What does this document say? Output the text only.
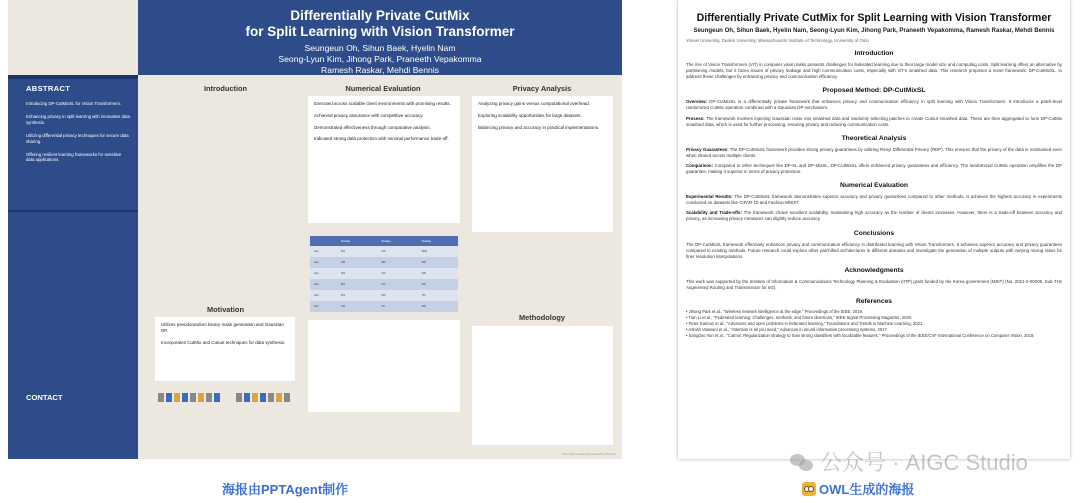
Differentially Private CutMix
for Split Learning with Vision Transformer
Seungeun Oh, Sihun Baek, Hyelin Nam
Seong-Lyun Kim, Jihong Park, Praneeth Vepakomma
Ramesh Raskar, Mehdi Bennis
ABSTRACT
Introducing DP-CutMixSL for Vision Transformers.
Enhancing privacy in split learning with innovative data synthesis.
Utilizing differential privacy techniques for secure data sharing.
Offering resilient learning frameworks for sensitive data applications.
CONTACT
Introduction	Numerical Evaluation	Privacy Analysis
Motivation
Methodology

Executed across scalable client environments with promising results.

Achieved privacy assurance with competitive accuracy.

Demonstrated effectiveness through comparative analysis.

Indicated strong data protection with minimal performance trade-off.

Analyzing privacy gains versus computational overhead.

Exploring scalability opportunities for large datasets.

Balancing privacy and accuracy in practical implementations.

	Heading	Heading	Heading
Item	842	745	4823
Item	348	488	295
Item	209	740	299
Item	654	473	425
Item	519	329	767
Item	745	737	348

Utilizes pseudorandom binary mask generation and Gaussian DP.

Incorporates CutMix and Cutout techniques for data synthesis.

This poster template was prepared by PPTAgent
Differentially Private CutMix for Split Learning with Vision Transformer
Seungeun Oh, Sihun Baek, Hyelin Nam, Seong-Lyun Kim, Jihong Park, Praneeth Vepakomma, Ramesh Raskar, Mehdi Bennis
Yonsei University, Deakin University, Massachusetts Institute of Technology, University of Oulu
Introduction
The rise of Vision Transformers (ViT) in computer vision tasks presents challenges for federated learning due to their large model size and computing costs. Split learning offers an alternative by partitioning models, but it faces issues of privacy leakage and high communication costs, especially with ViT's smashed data. This research proposes a novel framework, DP-CutMixSL, to address these challenges by enhancing privacy and communication efficiency.
Proposed Method: DP-CutMixSL
Overview: DP-CutMixSL is a differentially private framework that enhances privacy and communication efficiency in split learning with Vision Transformers. It introduces a patch-level randomized CutMix operation combined with a Gaussian DP mechanism.
Process: The framework involves injecting Gaussian noise into smashed data and randomly selecting patches to create Cutout smashed data. These are then aggregated to form DP-CutMix smashed data, which is used for further processing, ensuring privacy and reducing communication costs.
Theoretical Analysis
Privacy Guarantees: The DP-CutMixSL framework provides strong privacy guarantees by utilizing Rényi Differential Privacy (RDP). This ensures that the privacy of the data is maintained even when shared across multiple clients.
Comparison: Compared to other techniques like DP-SL and DP-MixSL, DP-CutMixSL offers enhanced privacy guarantees and efficiency. The randomized CutMix operation amplifies the DP guarantee, making it superior in terms of privacy protection.
Numerical Evaluation
Experimental Results: The DP-CutMixSL framework demonstrates superior accuracy and privacy guarantees compared to other methods. It achieves the highest accuracy in experiments conducted on datasets like CIFAR-10 and Fashion-MNIST.
Scalability and Trade-offs: The framework shows excellent scalability, maintaining high accuracy as the number of clients increases. However, there is a trade-off between accuracy and privacy, as increasing privacy measures can slightly reduce accuracy.
Conclusions
The DP-CutMixSL framework effectively enhances privacy and communication efficiency in distributed learning with Vision Transformers. It achieves superior accuracy and privacy guarantees compared to existing methods. Future research could explore other patchified architectures in different domains and investigate the generation of multiple outputs with varying mixing ratios for finer resolution interpolations.
Acknowledgments
This work was supported by the Institute of Information & Communications Technology Planning & Evaluation (IITP) grant funded by the Korea government (MSIT) (No. 2021-0-00208, Sub-THz Augmented Routing and Transmission for 6G).
References
• Jihong Park et al., "Wireless network intelligence at the edge," Proceedings of the IEEE, 2019.
• Tian Li et al., "Federated learning: Challenges, methods, and future directions," IEEE Signal Processing Magazine, 2020.
• Peter Kairouz et al., "Advances and open problems in federated learning," Foundations and Trends in Machine Learning, 2021.
• Ashish Vaswani et al., "Attention is all you need," Advances in neural information processing systems, 2017.
• Sangdoo Yun et al., "Cutmix: Regularization strategy to train strong classifiers with localizable features," Proceedings of the IEEE/CVF International Conference on Computer Vision, 2019.
公众号 · AIGC Studio
海报由PPTAgent制作	OWL生成的海报
